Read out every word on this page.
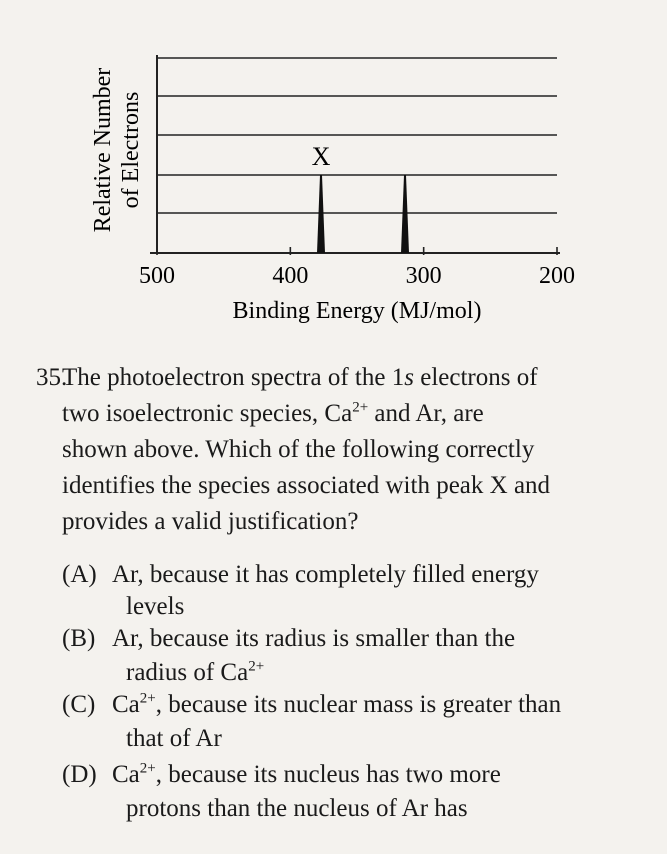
500	400	300	200
X
Binding Energy (MJ/mol)
Relative Number of Electrons
35.
The photoelectron spectra of the 1s electrons of
two isoelectronic species, $Ca^{2+}$ and Ar, are
shown above. Which of the following correctly
identifies the species associated with peak X and
provides a valid justification?
(A) Ar, because it has completely filled energy
levels
(B) Ar, because its radius is smaller than the
radius of $Ca^{2+}$
(C) $Ca^{2+}$, because its nuclear mass is greater than
that of Ar
(D) $Ca^{2+}$, because its nucleus has two more
protons than the nucleus of Ar has
